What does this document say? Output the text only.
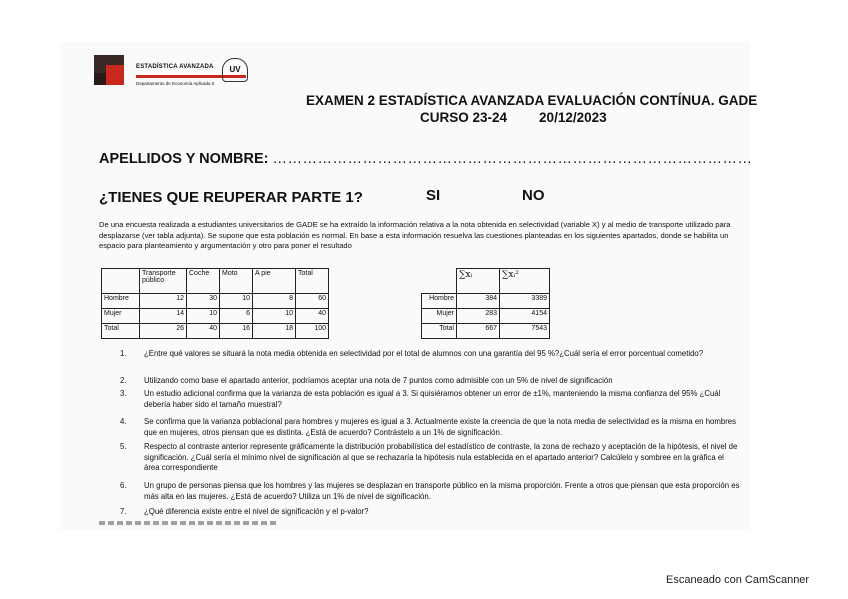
ESTADÍSTICA AVANZADA
Departamento de Economía Aplicada II
UV
EXAMEN 2 ESTADÍSTICA AVANZADA EVALUACIÓN CONTÍNUA. GADE
CURSO 23-24 20/12/2023
APELLIDOS Y NOMBRE: ……………………………………………………………………………………
¿TIENES QUE REUPERAR PARTE 1?	SI	NO
De una encuesta realizada a estudiantes universitarios de GADE se ha extraído la información relativa a la nota obtenida en selectividad (variable X) y al medio de transporte utilizado para desplazarse (ver tabla adjunta). Se supone que esta población es normal. En base a esta información resuelva las cuestiones planteadas en los siguientes apartados, donde se habilita un espacio para planteamiento y argumentación y otro para poner el resultado
	Transporte público	Coche	Moto	A pie	Total
Hombre	12	30	10	8	60
Mujer	14	10	6	10	40
Total	26	40	16	18	100
	∑xᵢ	∑xᵢ²
Hombre	384	3389
Mujer	283	4154
Total	667	7543
1. ¿Entre qué valores se situará la nota media obtenida en selectividad por el total de alumnos con una garantía del 95 %?¿Cuál sería el error porcentual cometido?
2. Utilizando como base el apartado anterior, podríamos aceptar una nota de 7 puntos como admisible con un 5% de nivel de significación
3. Un estudio adicional confirma que la varianza de esta población es igual a 3. Si quisiéramos obtener un error de ±1%, manteniendo la misma confianza del 95% ¿Cuál debería haber sido el tamaño muestral?
4. Se confirma que la varianza poblacional para hombres y mujeres es igual a 3. Actualmente existe la creencia de que la nota media de selectividad es la misma en hombres que en mujeres, otros piensan que es distinta. ¿Está de acuerdo? Contrástelo a un 1% de significación.
5. Respecto al contraste anterior represente gráficamente la distribución probabilística del estadístico de contraste, la zona de rechazo y aceptación de la hipótesis, el nivel de significación. ¿Cuál sería el mínimo nivel de significación al que se rechazaría la hipótesis nula establecida en el apartado anterior? Calcúlelo y sombree en la gráfica el área correspondiente
6. Un grupo de personas piensa que los hombres y las mujeres se desplazan en transporte público en la misma proporción. Frente a otros que piensan que esta proporción es más alta en las mujeres. ¿Está de acuerdo? Utiliza un 1% de nivel de significación.
7. ¿Qué diferencia existe entre el nivel de significación y el p-valor?
Escaneado con CamScanner
